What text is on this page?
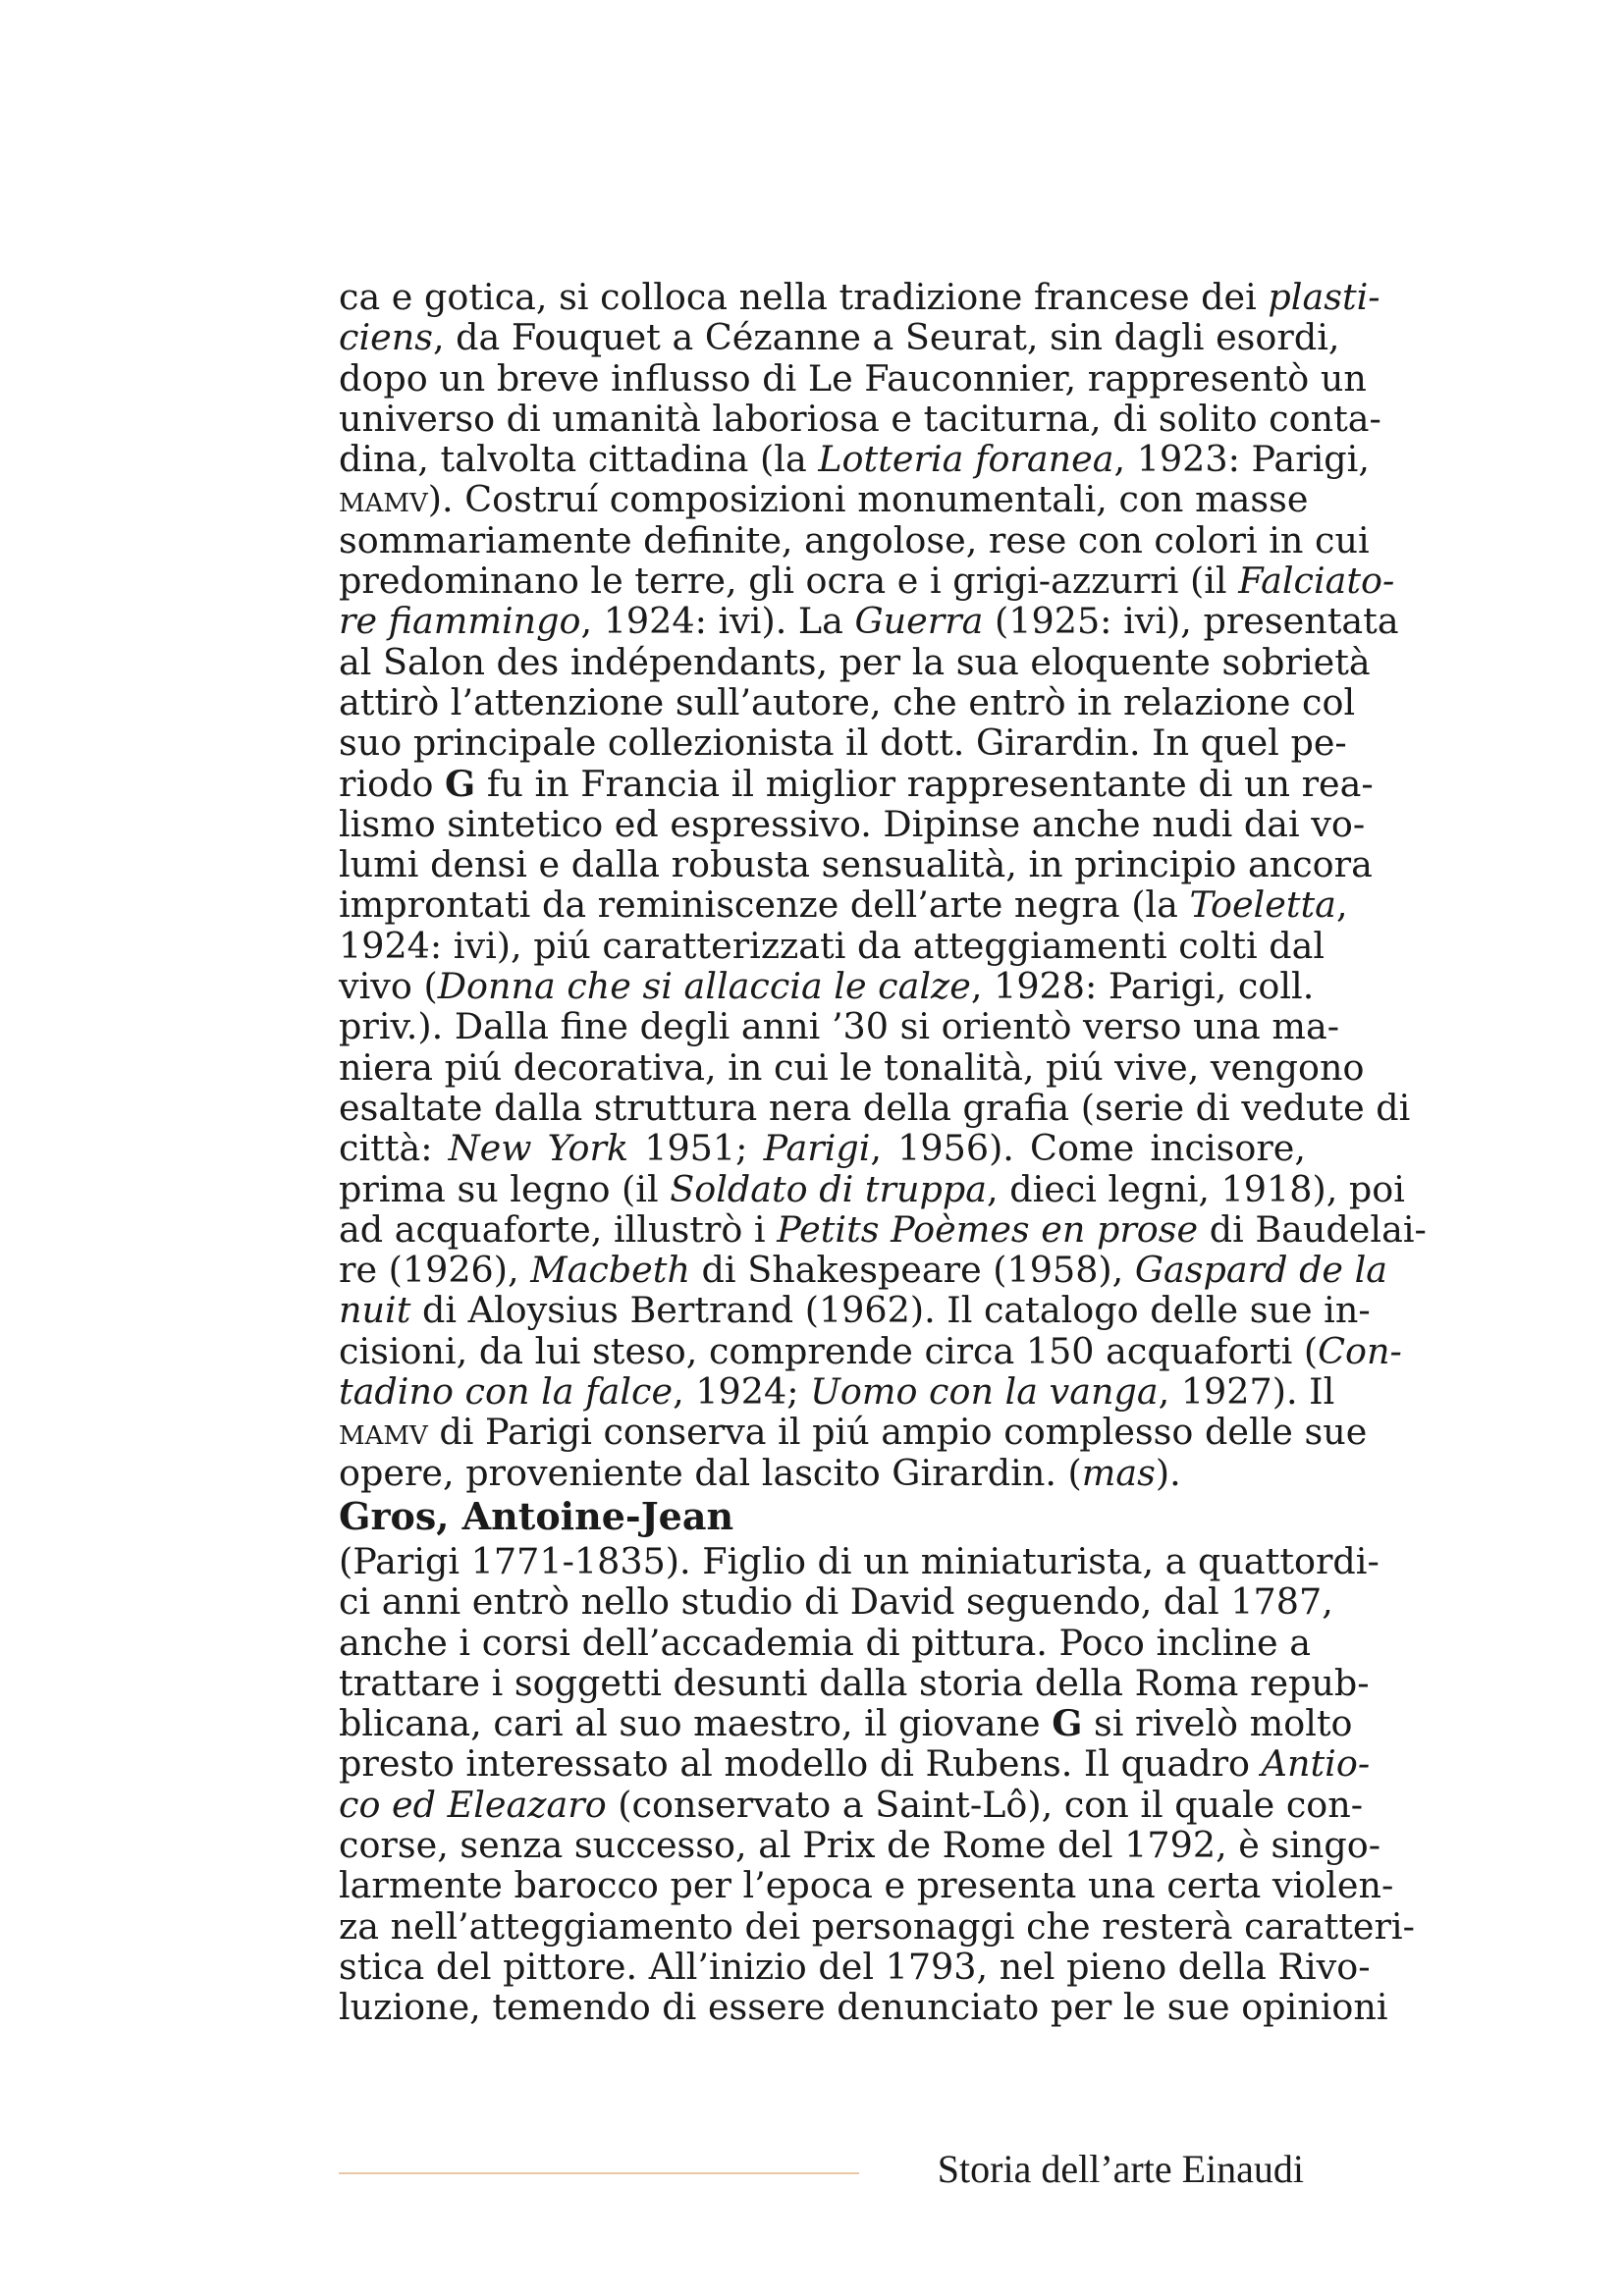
ca e gotica, si colloca nella tradizione francese dei plasti-
ciens, da Fouquet a Cézanne a Seurat, sin dagli esordi,
dopo un breve influsso di Le Fauconnier, rappresentò un
universo di umanità laboriosa e taciturna, di solito conta-
dina, talvolta cittadina (la Lotteria foranea, 1923: Parigi,
mamv). Costruí composizioni monumentali, con masse
sommariamente definite, angolose, rese con colori in cui
predominano le terre, gli ocra e i grigi-azzurri (il Falciato-
re fiammingo, 1924: ivi). La Guerra (1925: ivi), presentata
al Salon des indépendants, per la sua eloquente sobrietà
attirò l’attenzione sull’autore, che entrò in relazione col
suo principale collezionista il dott. Girardin. In quel pe-
riodo G fu in Francia il miglior rappresentante di un rea-
lismo sintetico ed espressivo. Dipinse anche nudi dai vo-
lumi densi e dalla robusta sensualità, in principio ancora
improntati da reminiscenze dell’arte negra (la Toeletta,
1924: ivi), piú caratterizzati da atteggiamenti colti dal
vivo (Donna che si allaccia le calze, 1928: Parigi, coll.
priv.). Dalla fine degli anni ’30 si orientò verso una ma-
niera piú decorativa, in cui le tonalità, piú vive, vengono
esaltate dalla struttura nera della grafia (serie di vedute di
città: New York 1951; Parigi, 1956). Come incisore,
prima su legno (il Soldato di truppa, dieci legni, 1918), poi
ad acquaforte, illustrò i Petits Poèmes en prose di Baudelai-
re (1926), Macbeth di Shakespeare (1958), Gaspard de la
nuit di Aloysius Bertrand (1962). Il catalogo delle sue in-
cisioni, da lui steso, comprende circa 150 acquaforti (Con-
tadino con la falce, 1924; Uomo con la vanga, 1927). Il
mamv di Parigi conserva il piú ampio complesso delle sue
opere, proveniente dal lascito Girardin. (mas).
Gros, Antoine-Jean
(Parigi 1771-1835). Figlio di un miniaturista, a quattordi-
ci anni entrò nello studio di David seguendo, dal 1787,
anche i corsi dell’accademia di pittura. Poco incline a
trattare i soggetti desunti dalla storia della Roma repub-
blicana, cari al suo maestro, il giovane G si rivelò molto
presto interessato al modello di Rubens. Il quadro Antio-
co ed Eleazaro (conservato a Saint-Lô), con il quale con-
corse, senza successo, al Prix de Rome del 1792, è singo-
larmente barocco per l’epoca e presenta una certa violen-
za nell’atteggiamento dei personaggi che resterà caratteri-
stica del pittore. All’inizio del 1793, nel pieno della Rivo-
luzione, temendo di essere denunciato per le sue opinioni
Storia dell’arte Einaudi
